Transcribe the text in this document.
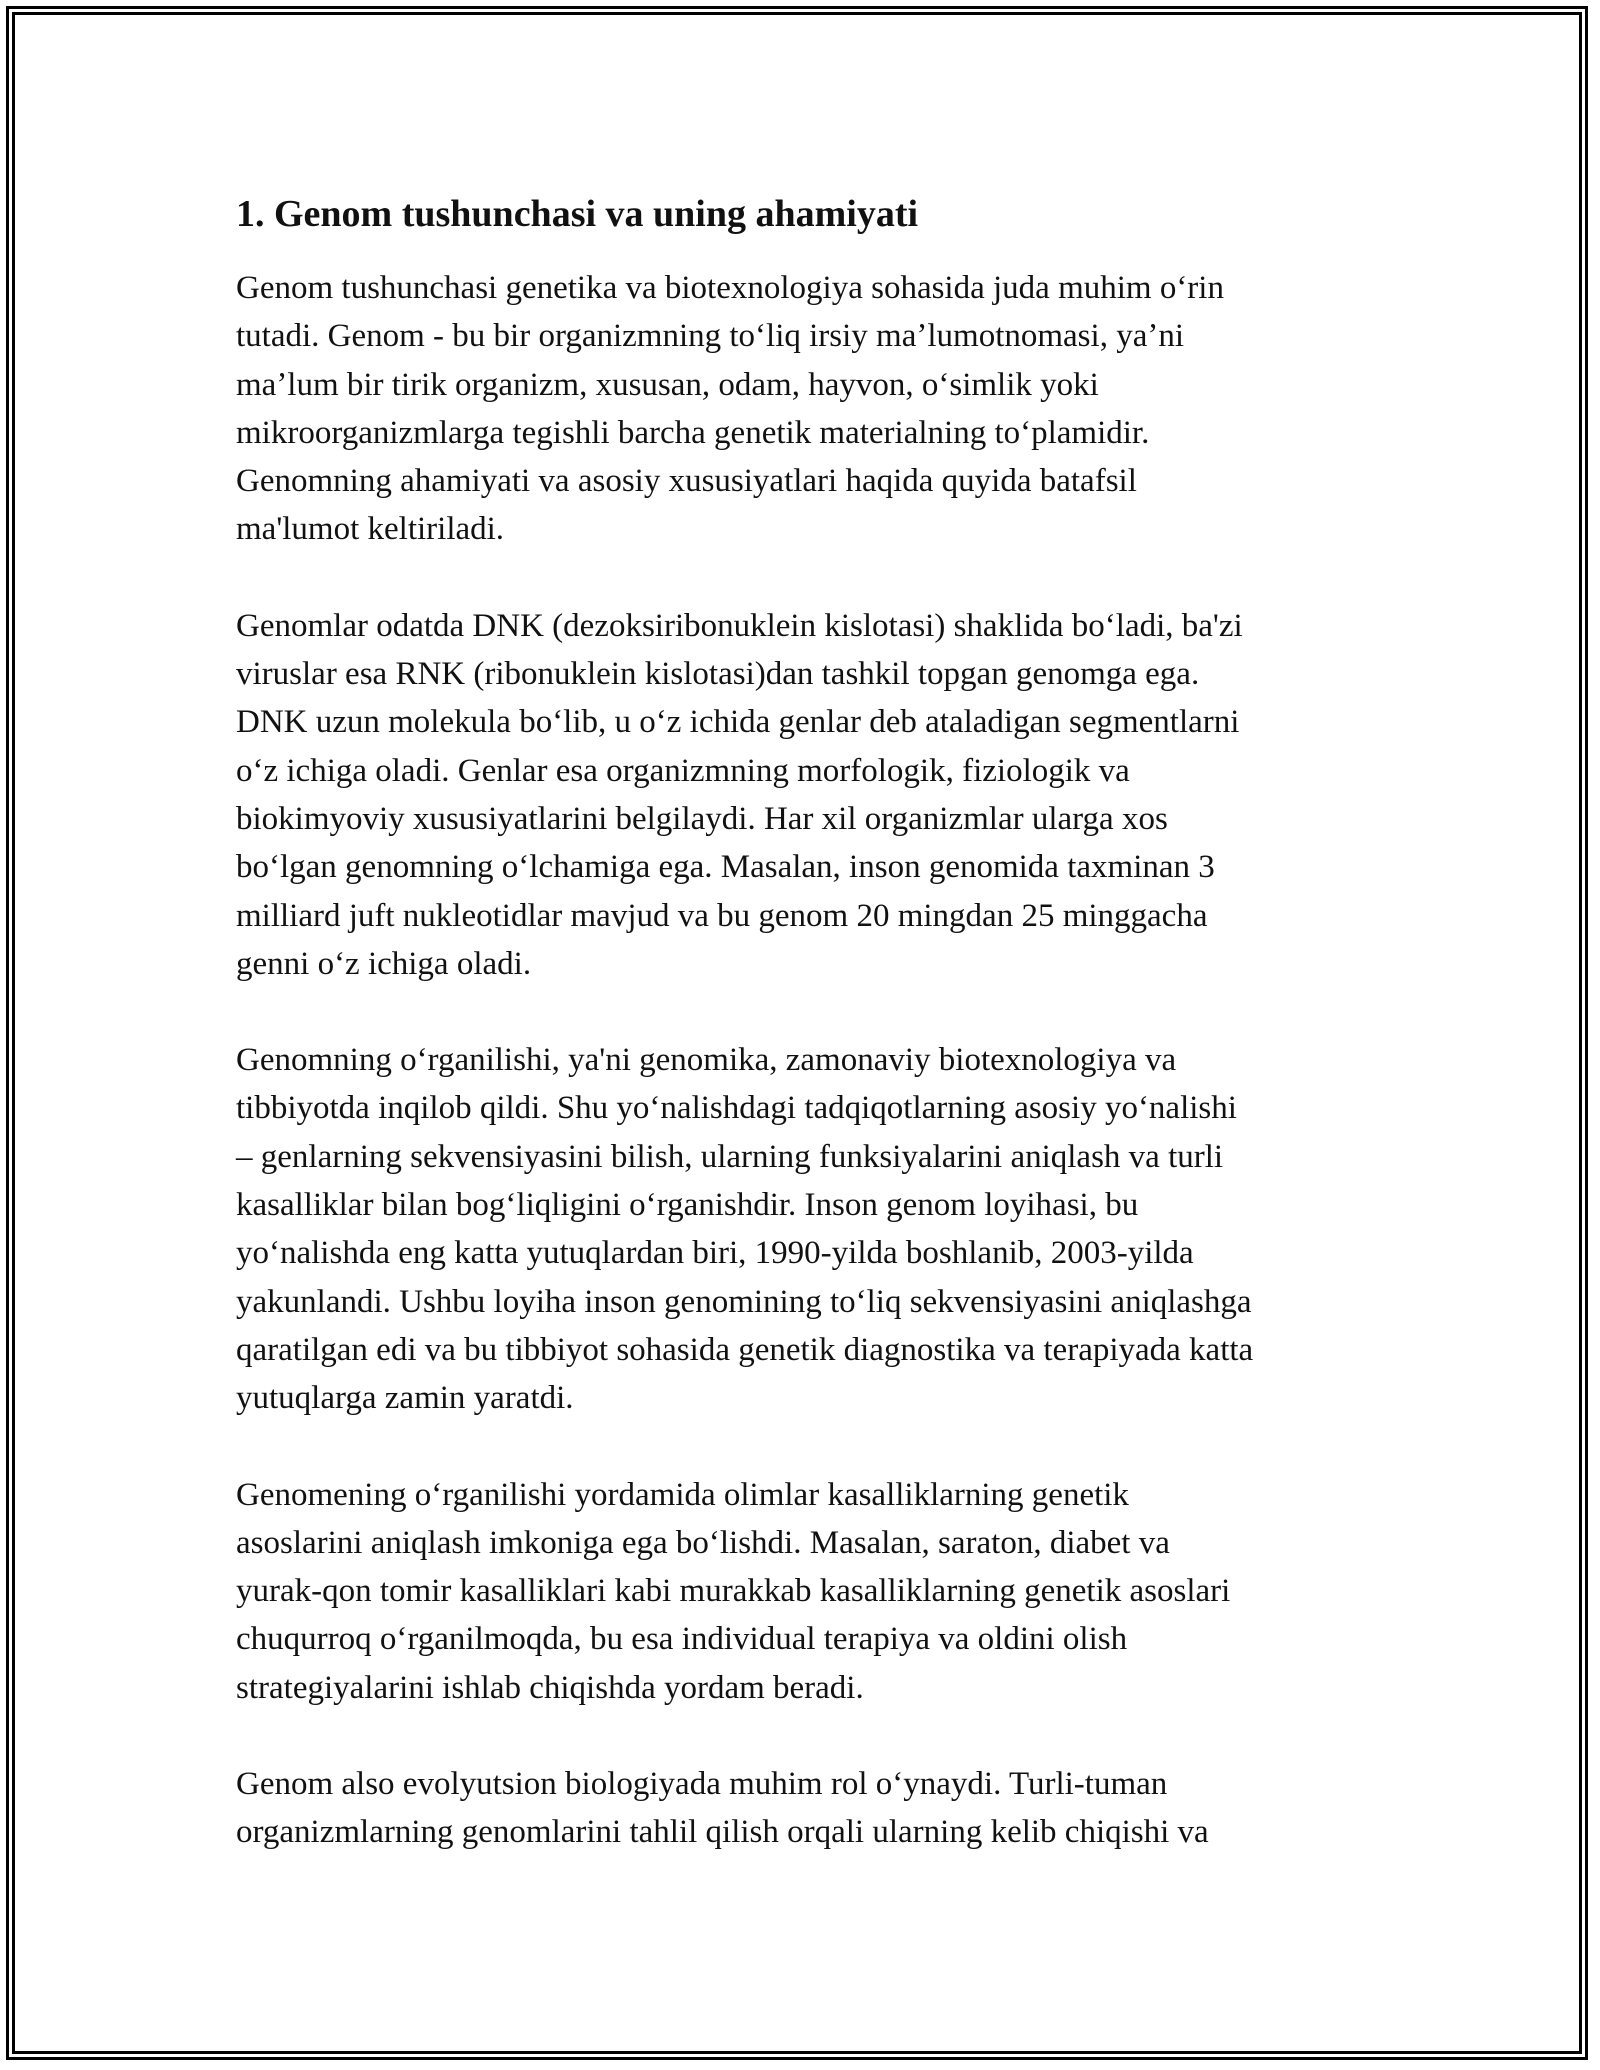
1. Genom tushunchasi va uning ahamiyati

Genom tushunchasi genetika va biotexnologiya sohasida juda muhim oʻrin
tutadi. Genom - bu bir organizmning toʻliq irsiy maʼlumotnomasi, yaʼni
maʼlum bir tirik organizm, xususan, odam, hayvon, oʻsimlik yoki
mikroorganizmlarga tegishli barcha genetik materialning toʻplamidir.
Genomning ahamiyati va asosiy xususiyatlari haqida quyida batafsil
ma'lumot keltiriladi.

Genomlar odatda DNK (dezoksiribonuklein kislotasi) shaklida boʻladi, ba'zi
viruslar esa RNK (ribonuklein kislotasi)dan tashkil topgan genomga ega.
DNK uzun molekula boʻlib, u oʻz ichida genlar deb ataladigan segmentlarni
oʻz ichiga oladi. Genlar esa organizmning morfologik, fiziologik va
biokimyoviy xususiyatlarini belgilaydi. Har xil organizmlar ularga xos
boʻlgan genomning oʻlchamiga ega. Masalan, inson genomida taxminan 3
milliard juft nukleotidlar mavjud va bu genom 20 mingdan 25 minggacha
genni oʻz ichiga oladi.

Genomning oʻrganilishi, ya'ni genomika, zamonaviy biotexnologiya va
tibbiyotda inqilob qildi. Shu yoʻnalishdagi tadqiqotlarning asosiy yoʻnalishi
– genlarning sekvensiyasini bilish, ularning funksiyalarini aniqlash va turli
kasalliklar bilan bogʻliqligini oʻrganishdir. Inson genom loyihasi, bu
yoʻnalishda eng katta yutuqlardan biri, 1990-yilda boshlanib, 2003-yilda
yakunlandi. Ushbu loyiha inson genomining toʻliq sekvensiyasini aniqlashga
qaratilgan edi va bu tibbiyot sohasida genetik diagnostika va terapiyada katta
yutuqlarga zamin yaratdi.

Genomening oʻrganilishi yordamida olimlar kasalliklarning genetik
asoslarini aniqlash imkoniga ega boʻlishdi. Masalan, saraton, diabet va
yurak-qon tomir kasalliklari kabi murakkab kasalliklarning genetik asoslari
chuqurroq oʻrganilmoqda, bu esa individual terapiya va oldini olish
strategiyalarini ishlab chiqishda yordam beradi.

Genom also evolyutsion biologiyada muhim rol oʻynaydi. Turli-tuman
organizmlarning genomlarini tahlil qilish orqali ularning kelib chiqishi va
